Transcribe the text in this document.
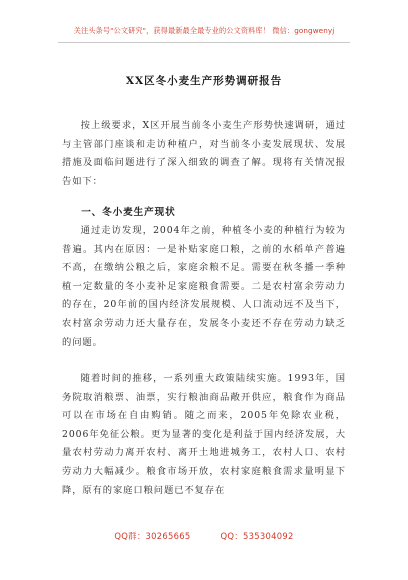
关注头条号"公文研究"，获得最新最全最专业的公文资料库！ 微信：gongwenyj
XX区冬小麦生产形势调研报告

按上级要求，X区开展当前冬小麦生产形势快速调研，通过与主管部门座谈和走访种植户，对当前冬小麦发展现状、发展措施及面临问题进行了深入细致的调查了解。现将有关情况报告如下：

一、冬小麦生产现状

通过走访发现，2004年之前，种植冬小麦的种植行为较为普遍。其内在原因：一是补贴家庭口粮，之前的水稻单产普遍不高，在缴纳公粮之后，家庭余粮不足。需要在秋冬播一季种植一定数量的冬小麦补足家庭粮食需要。二是农村富余劳动力的存在，20年前的国内经济发展规模、人口流动远不及当下，农村富余劳动力还大量存在，发展冬小麦还不存在劳动力缺乏的问题。

随着时间的推移，一系列重大政策陆续实施。1993年，国务院取消粮票、油票，实行粮油商品敞开供应，粮食作为商品可以在市场在自由购销。随之而来，2005年免除农业税，2006年免征公粮。更为显著的变化是利益于国内经济发展，大量农村劳动力离开农村、离开土地进城务工，农村人口、农村劳动力大幅减少。粮食市场开放，农村家庭粮食需求量明显下降，原有的家庭口粮问题已不复存在

QQ群：30265665	QQ：535304092
